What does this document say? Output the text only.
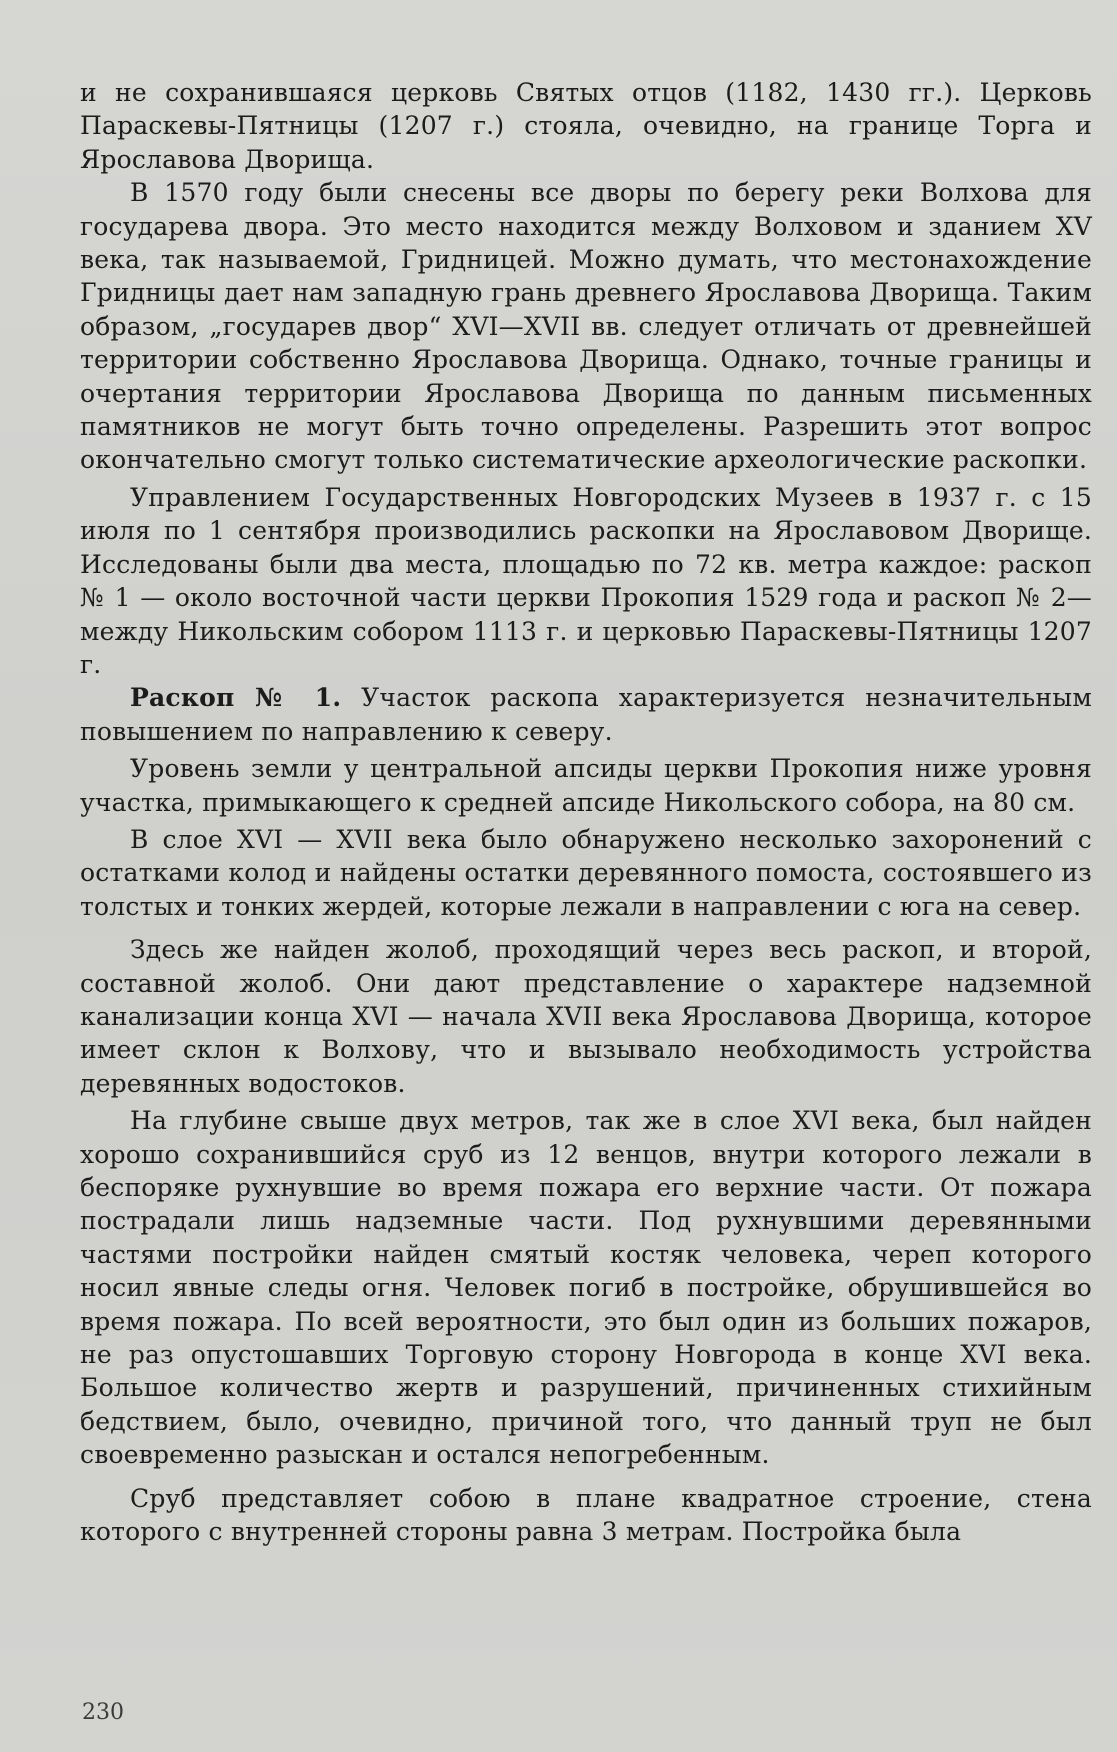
и не сохранившаяся церковь Святых отцов (1182, 1430 гг.). Церковь Параскевы-Пятницы (1207 г.) стояла, очевидно, на границе Торга и Ярославова Дворища.

В 1570 году были снесены все дворы по берегу реки Волхова для государева двора. Это место находится между Волховом и зданием XV века, так называемой, Гридницей. Можно думать, что местонахождение Гридницы дает нам западную грань древнего Ярославова Дворища. Таким образом, „государев двор“ XVI—XVII вв. следует отличать от древнейшей территории собственно Ярославова Дворища. Однако, точные границы и очертания территории Ярославова Дворища по данным письменных памятников не могут быть точно определены. Разрешить этот вопрос окончательно смогут только систематические археологические раскопки.

Управлением Государственных Новгородских Музеев в 1937 г. с 15 июля по 1 сентября производились раскопки на Ярославовом Дворище. Исследованы были два места, площадью по 72 кв. метра каждое: раскоп № 1 — около восточной части церкви Прокопия 1529 года и раскоп № 2—между Никольским собором 1113 г. и церковью Параскевы-Пятницы 1207 г.

Раскоп № 1. Участок раскопа характеризуется незначительным повышением по направлению к северу.

Уровень земли у центральной апсиды церкви Прокопия ниже уровня участка, примыкающего к средней апсиде Никольского собора, на 80 см.

В слое XVI — XVII века было обнаружено несколько захоронений с остатками колод и найдены остатки деревянного помоста, состоявшего из толстых и тонких жердей, которые лежали в направлении с юга на север.

Здесь же найден жолоб, проходящий через весь раскоп, и второй, составной жолоб. Они дают представление о характере надземной канализации конца XVI — начала XVII века Ярославова Дворища, которое имеет склон к Волхову, что и вызывало необходимость устройства деревянных водостоков.

На глубине свыше двух метров, так же в слое XVI века, был найден хорошо сохранившийся сруб из 12 венцов, внутри которого лежали в беспоряке рухнувшие во время пожара его верхние части. От пожара пострадали лишь надземные части. Под рухнувшими деревянными частями постройки найден смятый костяк человека, череп которого носил явные следы огня. Человек погиб в постройке, обрушившейся во время пожара. По всей вероятности, это был один из больших пожаров, не раз опустошавших Торговую сторону Новгорода в конце XVI века. Большое количество жертв и разрушений, причиненных стихийным бедствием, было, очевидно, причиной того, что данный труп не был своевременно разыскан и остался непогребенным.

Сруб представляет собою в плане квадратное строение, стена которого с внутренней стороны равна 3 метрам. Постройка была

230
